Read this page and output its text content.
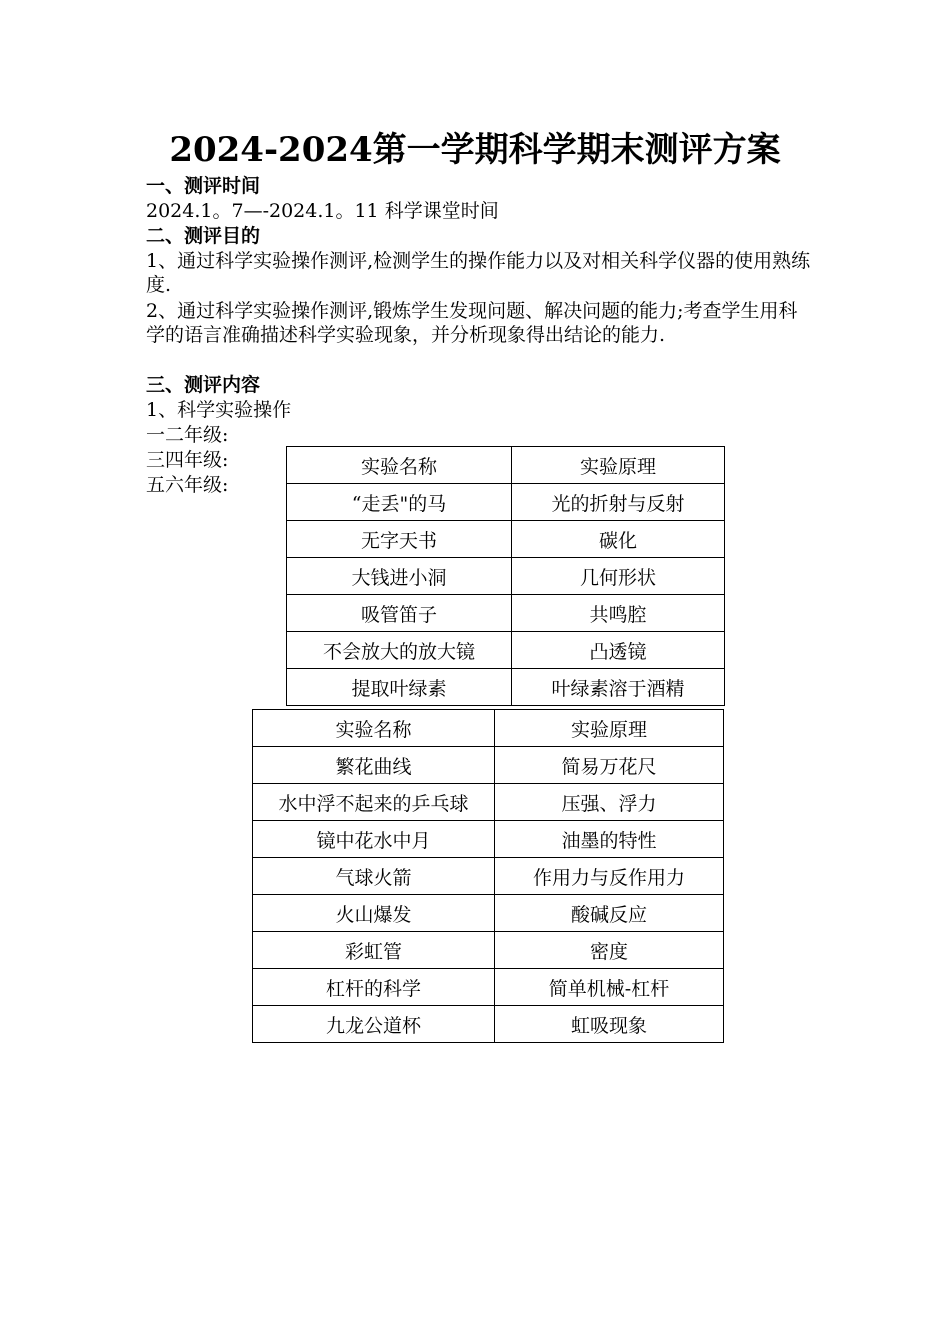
2024-2024第一学期科学期末测评方案
一、测评时间
2024.1。7—-2024.1。11 科学课堂时间
二、测评目的
1、通过科学实验操作测评,检测学生的操作能力以及对相关科学仪器的使用熟练度.
2、通过科学实验操作测评,锻炼学生发现问题、解决问题的能力;考查学生用科学的语言准确描述科学实验现象，并分析现象得出结论的能力.
三、测评内容
1、科学实验操作
一二年级:
三四年级:
五六年级:
实验名称	实验原理
“走丢"的马	光的折射与反射
无字天书	碳化
大钱进小洞	几何形状
吸管笛子	共鸣腔
不会放大的放大镜	凸透镜
提取叶绿素	叶绿素溶于酒精
实验名称	实验原理
繁花曲线	简易万花尺
水中浮不起来的乒乓球	压强、浮力
镜中花水中月	油墨的特性
气球火箭	作用力与反作用力
火山爆发	酸碱反应
彩虹管	密度
杠杆的科学	简单机械-杠杆
九龙公道杯	虹吸现象
